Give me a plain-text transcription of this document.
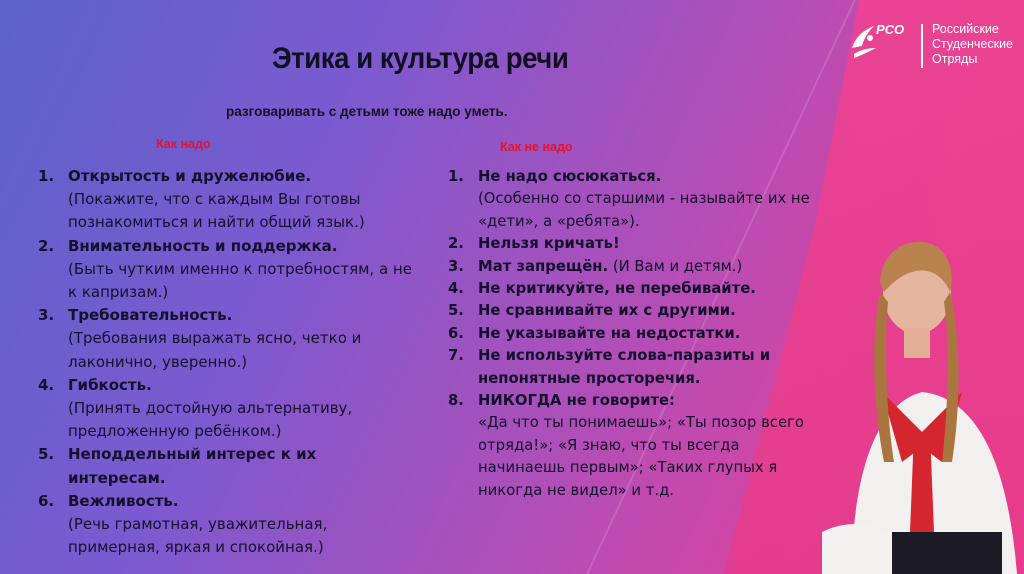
Этика и культура речи
разговаривать с детьми тоже надо уметь.
Как надо	Как не надо
1. Открытость и дружелюбие.
(Покажите, что с каждым Вы готовы познакомиться и найти общий язык.)
2. Внимательность и поддержка.
(Быть чутким именно к потребностям, а не к капризам.)
3. Требовательность.
(Требования выражать ясно, четко и лаконично, уверенно.)
4. Гибкость.
(Принять достойную альтернативу, предложенную ребёнком.)
5. Неподдельный интерес к их интересам.
6. Вежливость.
(Речь грамотная, уважительная, примерная, яркая и спокойная.)
1. Не надо сюсюкаться.
(Особенно со старшими - называйте их не «дети», а «ребята»).
2. Нельзя кричать!
3. Мат запрещён. (И Вам и детям.)
4. Не критикуйте, не перебивайте.
5. Не сравнивайте их с другими.
6. Не указывайте на недостатки.
7. Не используйте слова-паразиты и непонятные просторечия.
8. НИКОГДА не говорите:
«Да что ты понимаешь»; «Ты позор всего отряда!»; «Я знаю, что ты всегда начинаешь первым»; «Таких глупых я никогда не видел» и т.д.
РСО Российские
Студенческие
Отряды
